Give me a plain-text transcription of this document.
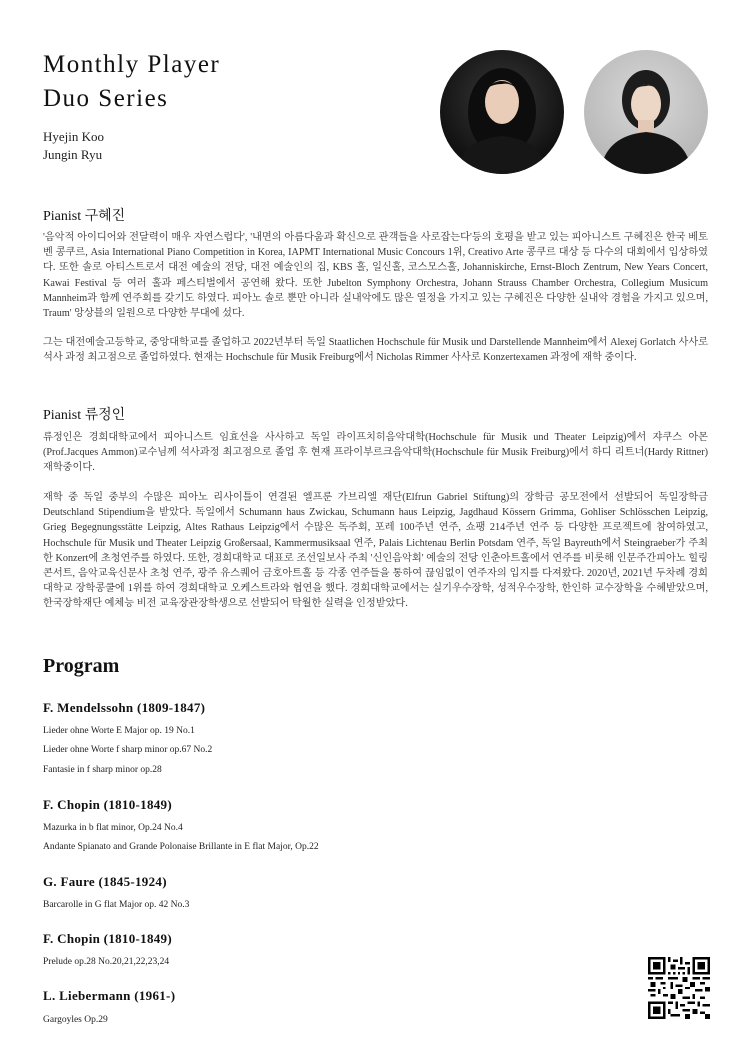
Monthly Player
Duo Series
Hyejin Koo
Jungin Ryu
Pianist 구혜진

'음악적 아이디어와 전달력이 매우 자연스럽다', '내면의 아름다움과 확신으로 관객들을 사로잡는다'등의 호평을 받고 있는 피아니스트 구혜진은 한국 베토벤 콩쿠르, Asia International Piano Competition in Korea, IAPMT International Music Concours 1위, Creativo Arte 콩쿠르 대상 등 다수의 대회에서 입상하였다. 또한 솔로 아티스트로서 대전 예술의 전당, 대전 예술인의 집, KBS 홀, 일신홀, 코스모스홀, Johanniskirche, Ernst-Bloch Zentrum, New Years Concert, Kawai Festival 등 여러 홀과 페스티벌에서 공연해 왔다. 또한 Jubelton Symphony Orchestra, Johann Strauss Chamber Orchestra, Collegium Musicum Mannheim과 함께 연주회를 갖기도 하였다. 피아노 솔로 뿐만 아니라 실내악에도 많은 열정을 가지고 있는 구혜진은 다양한 실내악 경험을 가지고 있으며, Traum' 앙상블의 일원으로 다양한 무대에 섰다.

그는 대전예술고등학교, 중앙대학교를 졸업하고 2022년부터 독일 Staatlichen Hochschule für Musik und Darstellende Mannheim에서 Alexej Gorlatch 사사로 석사 과정 최고점으로 졸업하였다. 현재는 Hochschule für Musik Freiburg에서 Nicholas Rimmer 사사로 Konzertexamen 과정에 재학 중이다.

Pianist 류정인

류정인은 경희대학교에서 피아니스트 임효선을 사사하고 독일 라이프치히음악대학(Hochschule für Musik und Theater Leipzig)에서 쟈쿠스 아몬(Prof.Jacques Ammon)교수님께 석사과정 최고점으로 졸업 후 현재 프라이부르크음악대학(Hochschule für Musik Freiburg)에서 하디 리트너(Hardy Rittner) 재학중이다.

재학 중 독일 중부의 수많은 피아노 리사이틀이 연결된 엘프룬 가브리엘 재단(Elfrun Gabriel Stiftung)의 장학금 공모전에서 선발되어 독일장학금 Deutschland Stipendium을 받았다. 독일에서 Schumann haus Zwickau, Schumann haus Leipzig, Jagdhaud Kössern Grimma, Gohliser Schlösschen Leipzig, Grieg Begegnungsstätte Leipzig, Altes Rathaus Leipzig에서 수많은 독주회, 포레 100주년 연주, 쇼팽 214주년 연주 등 다양한 프로젝트에 참여하였고, Hochschule für Musik und Theater Leipzig Großersaal, Kammermusiksaal 연주, Palais Lichtenau Berlin Potsdam 연주, 독일 Bayreuth에서 Steingraeber가 주최한 Konzert에 초청연주를 하였다. 또한, 경희대학교 대표로 조선일보사 주최 '신인음악회' 예술의 전당 인춘아트홀에서 연주를 비롯해 인문주간피아노 힐링 콘서트, 음악교육신문사 초청 연주, 광주 유스퀘어 금호아트홀 등 각종 연주들을 통하여 끊임없이 연주자의 입지를 다져왔다. 2020년, 2021년 두차례 경희대학교 장학콩쿨에 1위를 하여 경희대학교 오케스트라와 협연을 했다. 경희대학교에서는 실기우수장학, 성적우수장학, 한인하 교수장학을 수혜받았으며, 한국장학재단 예체능 비전 교육장관장학생으로 선발되어 탁월한 실력을 인정받았다.

Program
F. Mendelssohn (1809-1847)
Lieder ohne Worte E Major op. 19 No.1
Lieder ohne Worte f sharp minor op.67 No.2
Fantasie in f sharp minor op.28
F. Chopin (1810-1849)
Mazurka in b flat minor, Op.24 No.4
Andante Spianato and Grande Polonaise Brillante in E flat Major, Op.22
G. Faure (1845-1924)
Barcarolle in G flat Major op. 42 No.3
F. Chopin (1810-1849)
Prelude op.28 No.20,21,22,23,24
L. Liebermann (1961-)
Gargoyles Op.29
